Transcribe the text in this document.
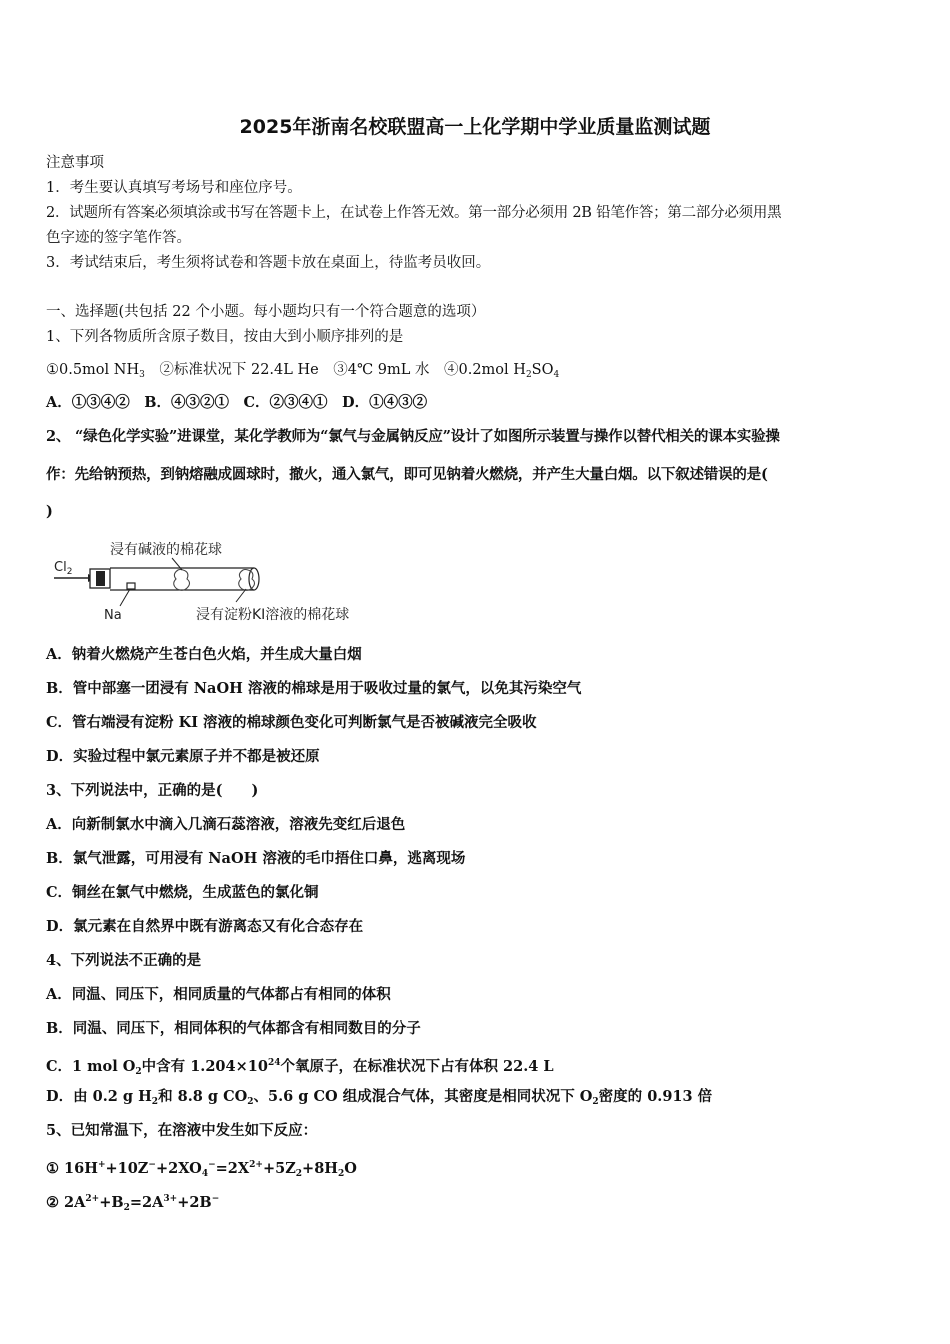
2025年浙南名校联盟高一上化学期中学业质量监测试题
注意事项
1．考生要认真填写考场号和座位序号。
2．试题所有答案必须填涂或书写在答题卡上，在试卷上作答无效。第一部分必须用 2B 铅笔作答；第二部分必须用黑
色字迹的签字笔作答。
3．考试结束后，考生须将试卷和答题卡放在桌面上，待监考员收回。
一、选择题(共包括 22 个小题。每小题均只有一个符合题意的选项）
1、下列各物质所含原子数目，按由大到小顺序排列的是
①0.5mol $NH_3$　②标准状况下 22.4L He　③4℃ 9mL 水　④0.2mol $H_2SO_4$
A．①③④②　B．④③②①　C．②③④①　D．①④③②
2、 “绿色化学实验”进课堂，某化学教师为“氯气与金属钠反应”设计了如图所示装置与操作以替代相关的课本实验操
作：先给钠预热，到钠熔融成圆球时，撤火，通入氯气，即可见钠着火燃烧，并产生大量白烟。以下叙述错误的是(
)
浸有碱液的棉花球
$Cl_2$
Na	浸有淀粉KI溶液的棉花球
A．钠着火燃烧产生苍白色火焰，并生成大量白烟
B．管中部塞一团浸有 NaOH 溶液的棉球是用于吸收过量的氯气，以免其污染空气
C．管右端浸有淀粉 KI 溶液的棉球颜色变化可判断氯气是否被碱液完全吸收
D．实验过程中氯元素原子并不都是被还原
3、下列说法中，正确的是(　　)
A．向新制氯水中滴入几滴石蕊溶液，溶液先变红后退色
B．氯气泄露，可用浸有 NaOH 溶液的毛巾捂住口鼻，逃离现场
C．铜丝在氯气中燃烧，生成蓝色的氯化铜
D．氯元素在自然界中既有游离态又有化合态存在
4、下列说法不正确的是
A．同温、同压下，相同质量的气体都占有相同的体积
B．同温、同压下，相同体积的气体都含有相同数目的分子
C．1 mol $O_2$中含有 $1.204\times 10^{24}$个氧原子，在标准状况下占有体积 22.4 L
D．由 0.2 g $H_2$和 8.8 g $CO_2$、5.6 g CO 组成混合气体，其密度是相同状况下 $O_2$密度的 0.913 倍
5、已知常温下，在溶液中发生如下反应：
① $16H^++10Z^-+2XO_4^-=2X^{2+}+5Z_2+8H_2O$
② $2A^{2+}+B_2=2A^{3+}+2B^-$
